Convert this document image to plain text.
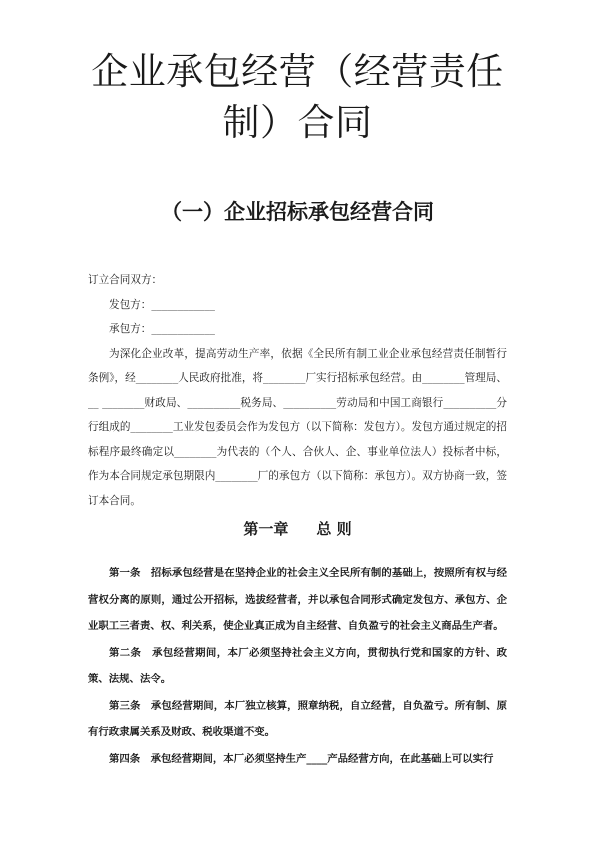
企业承包经营（经营责任制）合同
（一）企业招标承包经营合同

订立合同双方：

发包方：____________

承包方：____________

为深化企业改革，提高劳动生产率，依据《全民所有制工业企业承包经营责任制暂行条例》，经________人民政府批准，将________厂实行招标承包经营。由________管理局、__ ________财政局、__________税务局、__________劳动局和中国工商银行__________分行组成的________工业发包委员会作为发包方（以下简称：发包方）。发包方通过规定的招标程序最终确定以________为代表的（个人、合伙人、企、事业单位法人）投标者中标，作为本合同规定承包期限内________厂的承包方（以下简称：承包方）。双方协商一致，签订本合同。

第一章 总 则

第一条　 招标承包经营是在坚持企业的社会主义全民所有制的基础上，按照所有权与经营权分离的原则，通过公开招标，选拔经营者，并以承包合同形式确定发包方、承包方、企业职工三者责、权、利关系，使企业真正成为自主经营、自负盈亏的社会主义商品生产者。

第二条　 承包经营期间，本厂必须坚持社会主义方向，贯彻执行党和国家的方针、政策、法规、法令。

第三条　 承包经营期间，本厂独立核算，照章纳税，自立经营，自负盈亏。所有制、原有行政隶属关系及财政、税收渠道不变。

第四条　 承包经营期间，本厂必须坚持生产____产品经营方向，在此基础上可以实行
